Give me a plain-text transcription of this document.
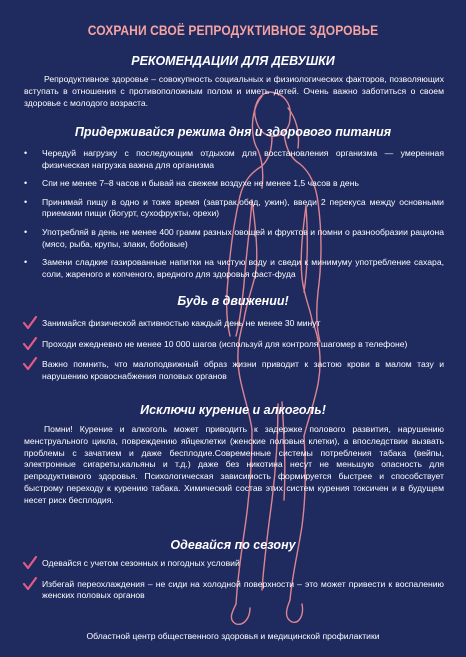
СОХРАНИ СВОЁ РЕПРОДУКТИВНОЕ ЗДОРОВЬЕ
РЕКОМЕНДАЦИИ ДЛЯ ДЕВУШКИ
Репродуктивное здоровье – совокупность социальных и физиологических факторов, позволяющих вступать в отношения с противоположным полом и иметь детей. Очень важно заботиться о своем здоровье с молодого возраста.
Придерживайся режима дня и здорового питания
• Чередуй нагрузку с последующим отдыхом для восстановления организма — умеренная физическая нагрузка важна для организма
• Спи не менее 7–8 часов и бывай на свежем воздухе не менее 1,5 часов в день
• Принимай пищу в одно и тоже время (завтрак,обед, ужин), введи 2 перекуса между основными приемами пищи (йогурт, сухофрукты, орехи)
• Употребляй в день не менее 400 грамм разных овощей и фруктов и помни о разнообразии рациона (мясо, рыба, крупы, злаки, бобовые)
• Замени сладкие газированные напитки на чистую воду и сведи к минимуму употребление сахара, соли, жареного и копченого, вредного для здоровья фаст-фуда
Будь в движении!
Занимайся физической активностью каждый день не менее 30 минут
Проходи ежедневно не менее 10 000 шагов (используй для контроля шагомер в телефоне)
Важно помнить, что малоподвижный образ жизни приводит к застою крови в малом тазу и нарушению кровоснабжения половых органов
Исключи курение и алкоголь!
Помни! Курение и алкоголь может приводить к задержке полового развития, нарушению менструального цикла, повреждению яйцеклетки (женские половые клетки), а впоследствии вызвать проблемы с зачатием и даже бесплодие.Современные системы потребления табака (вейпы, электронные сигареты,кальяны и т.д.) даже без никотина несут не меньшую опасность для репродуктивного здоровья. Психологическая зависимость формируется быстрее и способствует быстрому переходу к курению табака. Химический состав этих систем курения токсичен и в будущем несет риск бесплодия.
Одевайся по сезону
Одевайся с учетом сезонных и погодных условий
Избегай переохлаждения – не сиди на холодной поверхности – это может привести к воспалению женских половых органов
Областной центр общественного здоровья и медицинской профилактики
